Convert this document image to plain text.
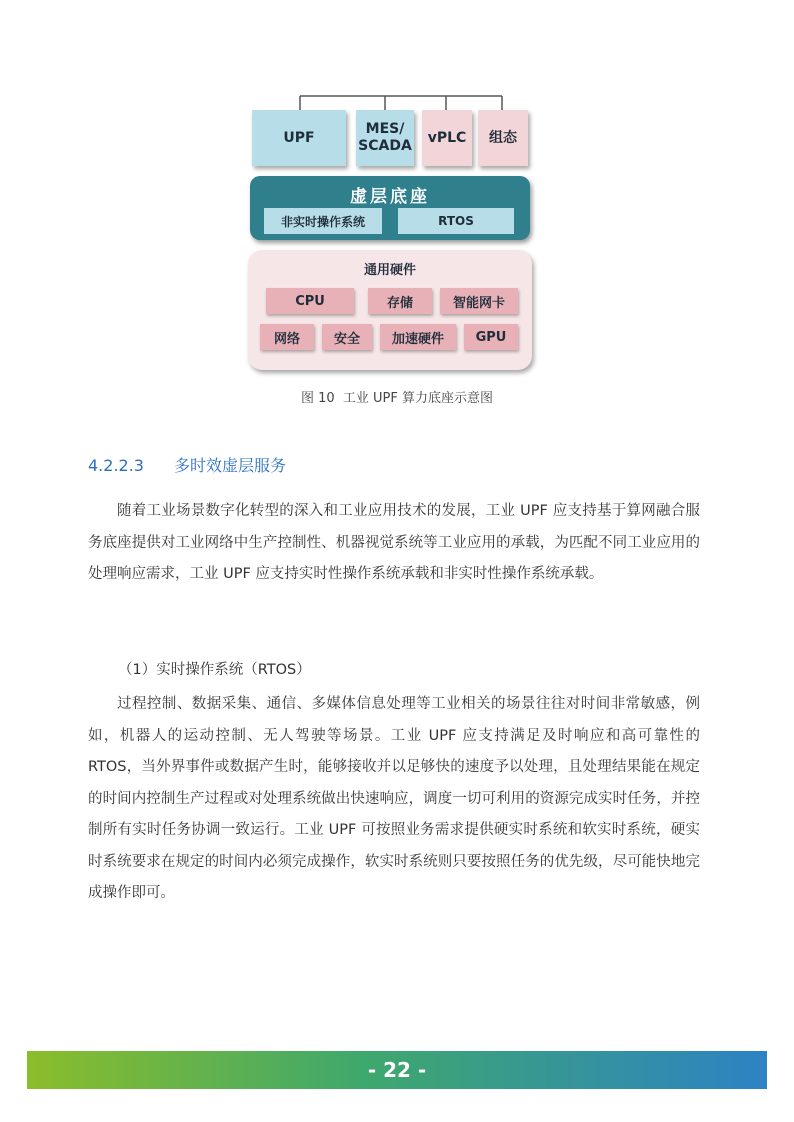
UPF
MES/
SCADA
vPLC 组态
虚层底座
非实时操作系统	RTOS
通用硬件
CPU	存储	智能网卡
网络	安全	加速硬件	GPU
图 10  工业 UPF 算力底座示意图
4.2.2.3 多时效虚层服务

随着工业场景数字化转型的深入和工业应用技术的发展，工业 UPF 应支持基于算网融合服务底座提供对工业网络中生产控制性、机器视觉系统等工业应用的承载，为匹配不同工业应用的处理响应需求，工业 UPF 应支持实时性操作系统承载和非实时性操作系统承载。

（1）实时操作系统（RTOS）

过程控制、数据采集、通信、多媒体信息处理等工业相关的场景往往对时间非常敏感，例如，机器人的运动控制、无人驾驶等场景。工业 UPF 应支持满足及时响应和高可靠性的 RTOS，当外界事件或数据产生时，能够接收并以足够快的速度予以处理，且处理结果能在规定的时间内控制生产过程或对处理系统做出快速响应，调度一切可利用的资源完成实时任务，并控制所有实时任务协调一致运行。工业 UPF 可按照业务需求提供硬实时系统和软实时系统，硬实时系统要求在规定的时间内必须完成操作，软实时系统则只要按照任务的优先级，尽可能快地完成操作即可。

- 22 -
